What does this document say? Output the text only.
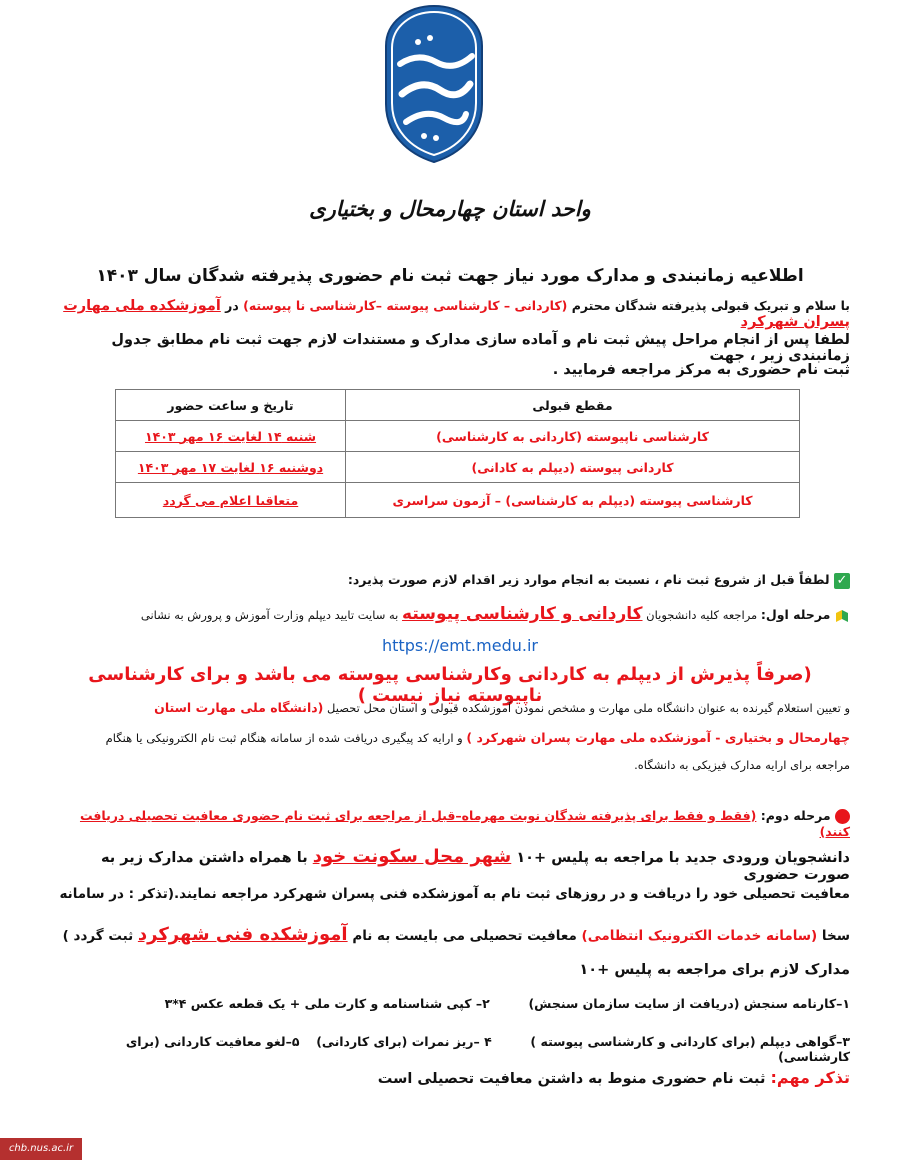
واحد استان چهارمحال و بختیاری
اطلاعیه زمانبندی و مدارک مورد نیاز جهت ثبت نام حضوری پذیرفته شدگان سال ۱۴۰۳
با سلام و تبریک قبولی پذیرفته شدگان محترم (کاردانی – کارشناسی پیوسته –کارشناسی نا پیوسته) در آموزشکده ملی مهارت پسران شهرکرد
لطفا پس از انجام مراحل پیش ثبت نام و آماده سازی مدارک و مستندات لازم جهت ثبت نام مطابق جدول زمانبندی زیر ، جهت
ثبت نام حضوری به مرکز مراجعه فرمایید .
مقطع قبولی	تاریخ و ساعت حضور
کارشناسی ناپیوسته (کاردانی به کارشناسی)	شنبه ۱۴ لغایت ۱۶ مهر ۱۴۰۳
کاردانی پیوسته (دیپلم به کادانی)	دوشنبه ۱۶ لغایت ۱۷ مهر ۱۴۰۳
کارشناسی پیوسته (دیپلم به کارشناسی) – آزمون سراسری	متعاقبا اعلام می گردد
✓ لطفاً قبل از شروع ثبت نام ، نسبت به انجام موارد زیر اقدام لازم صورت پذیرد:
مرحله اول: مراجعه کلیه دانشجویان کاردانی و کارشناسی پیوسته به سایت تایید دیپلم وزارت آموزش و پرورش به نشانی
https://emt.medu.ir
(صرفاً پذیرش از دیپلم به کاردانی وکارشناسی پیوسته می باشد و برای کارشناسی ناپیوسته نیاز نیست )
و تعیین استعلام گیرنده به عنوان دانشگاه ملی مهارت و مشخص نمودن آموزشکده قبولی و استان محل تحصیل (دانشگاه ملی مهارت استان
چهارمحال و بختیاری - آموزشکده ملی مهارت پسران شهرکرد ) و ارایه کد پیگیری دریافت شده از سامانه هنگام ثبت نام الکترونیکی یا هنگام
مراجعه برای ارایه مدارک فیزیکی به دانشگاه.
مرحله دوم: (فقط و فقط برای پذیرفته شدگان نوبت مهرماه–قبل از مراجعه برای ثبت نام حضوری معافیت تحصیلی دریافت کنند)
دانشجویان ورودی جدید با مراجعه به پلیس +۱۰ شهر محل سکونت خود با همراه داشتن مدارک زیر به صورت حضوری
معافیت تحصیلی خود را دریافت و در روزهای ثبت نام به آموزشکده فنی پسران شهرکرد مراجعه نمایند.(تذکر : در سامانه
سخا (سامانه خدمات الکترونیک انتظامی) معافیت تحصیلی می بایست به نام آموزشکده فنی شهرکرد ثبت گردد )
مدارک لازم برای مراجعه به پلیس +۱۰
۱–کارنامه سنجش (دریافت از سایت سازمان سنجش)  ۲– کپی شناسنامه و کارت ملی + یک قطعه عکس ۴*۳
۳–گواهی دیپلم (برای کاردانی و کارشناسی پیوسته )  ۴ –ریز نمرات (برای کاردانی)  ۵–لغو معافیت کاردانی (برای کارشناسی)
تذکر مهم: ثبت نام حضوری منوط به داشتن معافیت تحصیلی است
chb.nus.ac.ir
